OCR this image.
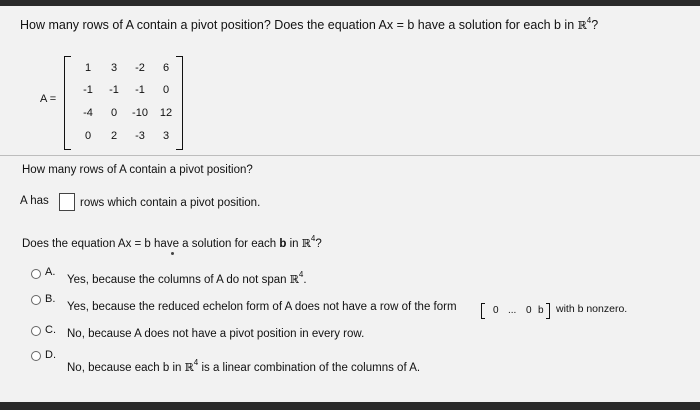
How many rows of A contain a pivot position? Does the equation Ax = b have a solution for each b in ℝ$^4$?
A =
1	3	-2	6
-1	-1	-1	0
-4	0	-10	12
0	2	-3	3
How many rows of A contain a pivot position?
A has	rows which contain a pivot position.
Does the equation Ax = b have a solution for each b in ℝ$^4$?
A.
Yes, because the columns of A do not span ℝ$^4$.
B.
Yes, because the reduced echelon form of A does not have a row of the form	0 ... 0 b with b nonzero.
C. No, because A does not have a pivot position in every row.
D.
No, because each b in ℝ$^4$ is a linear combination of the columns of A.
